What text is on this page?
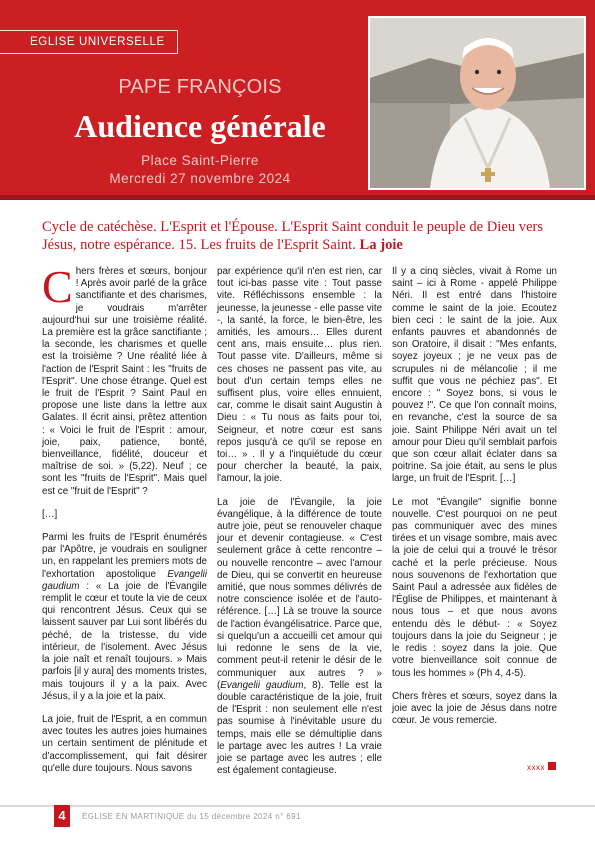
EGLISE UNIVERSELLE
PAPE FRANÇOIS
Audience générale
Place Saint-Pierre
Mercredi 27 novembre 2024
Cycle de catéchèse. L'Esprit et l'Épouse. L'Esprit Saint conduit le peuple de Dieu vers Jésus, notre espérance. 15. Les fruits de l'Esprit Saint. La joie

Chers frères et sœurs, bonjour ! Après avoir parlé de la grâce sanctifiante et des charismes, je voudrais m'arrêter aujourd'hui sur une troisième réalité. La première est la grâce sanctifiante ; la seconde, les charismes et quelle est la troisième ? Une réalité liée à l'action de l'Esprit Saint : les "fruits de l'Esprit". Une chose étrange. Quel est le fruit de l'Esprit ? Saint Paul en propose une liste dans la lettre aux Galates. Il écrit ainsi, prêtez attention : « Voici le fruit de l'Esprit : amour, joie, paix, patience, bonté, bienveillance, fidélité, douceur et maîtrise de soi. » (5,22). Neuf ; ce sont les "fruits de l'Esprit". Mais quel est ce "fruit de l'Esprit" ?

[…]

Parmi les fruits de l'Esprit énumérés par l'Apôtre, je voudrais en souligner un, en rappelant les premiers mots de l'exhortation apostolique Evangelii gaudium : « La joie de l'Évangile remplit le cœur et toute la vie de ceux qui rencontrent Jésus. Ceux qui se laissent sauver par Lui sont libérés du péché, de la tristesse, du vide intérieur, de l'isolement. Avec Jésus la joie naît et renaît toujours. » Mais parfois [il y aura] des moments tristes, mais toujours il y a la paix. Avec Jésus, il y a la joie et la paix.

La joie, fruit de l'Esprit, a en commun avec toutes les autres joies humaines un certain sentiment de plénitude et d'accomplissement, qui fait désirer qu'elle dure toujours. Nous savons

par expérience qu'il n'en est rien, car tout ici-bas passe vite : Tout passe vite. Réfléchissons ensemble : la jeunesse, la jeunesse - elle passe vite -, la santé, la force, le bien-être, les amitiés, les amours… Elles durent cent ans, mais ensuite… plus rien. Tout passe vite. D'ailleurs, même si ces choses ne passent pas vite, au bout d'un certain temps elles ne suffisent plus, voire elles ennuient, car, comme le disait saint Augustin à Dieu : « Tu nous as faits pour toi, Seigneur, et notre cœur est sans repos jusqu'à ce qu'il se repose en toi… » . Il y a l'inquiétude du cœur pour chercher la beauté, la paix, l'amour, la joie.

La joie de l'Évangile, la joie évangélique, à la différence de toute autre joie, peut se renouveler chaque jour et devenir contagieuse. « C'est seulement grâce à cette rencontre – ou nouvelle rencontre – avec l'amour de Dieu, qui se convertit en heureuse amitié, que nous sommes délivrés de notre conscience isolée et de l'auto-référence. […] Là se trouve la source de l'action évangélisatrice. Parce que, si quelqu'un a accueilli cet amour qui lui redonne le sens de la vie, comment peut-il retenir le désir de le communiquer aux autres ? » (Evangelii gaudium, 8). Telle est la double caractéristique de la joie, fruit de l'Esprit : non seulement elle n'est pas soumise à l'inévitable usure du temps, mais elle se démultiplie dans le partage avec les autres ! La vraie joie se partage avec les autres ; elle est également contagieuse.

Il y a cinq siècles, vivait à Rome un saint – ici à Rome - appelé Philippe Néri. Il est entré dans l'histoire comme le saint de la joie. Ecoutez bien ceci : le saint de la joie. Aux enfants pauvres et abandonnés de son Oratoire, il disait : "Mes enfants, soyez joyeux ; je ne veux pas de scrupules ni de mélancolie ; il me suffit que vous ne péchiez pas". Et encore : " Soyez bons, si vous le pouvez !". Ce que l'on connaît moins, en revanche, c'est la source de sa joie. Saint Philippe Néri avait un tel amour pour Dieu qu'il semblait parfois que son cœur allait éclater dans sa poitrine. Sa joie était, au sens le plus large, un fruit de l'Esprit. […]

Le mot "Évangile" signifie bonne nouvelle. C'est pourquoi on ne peut pas communiquer avec des mines tirées et un visage sombre, mais avec la joie de celui qui a trouvé le trésor caché et la perle précieuse. Nous nous souvenons de l'exhortation que Saint Paul a adressée aux fidèles de l'Église de Philippes, et maintenant à nous tous – et que nous avons entendu dès le début- : « Soyez toujours dans la joie du Seigneur ; je le redis : soyez dans la joie. Que votre bienveillance soit connue de tous les hommes » (Ph 4, 4-5).

Chers frères et sœurs, soyez dans la joie avec la joie de Jésus dans notre cœur. Je vous remercie.

xxxx
4	ÉGLISE EN MARTINIQUE du 15 décembre 2024 n° 691
